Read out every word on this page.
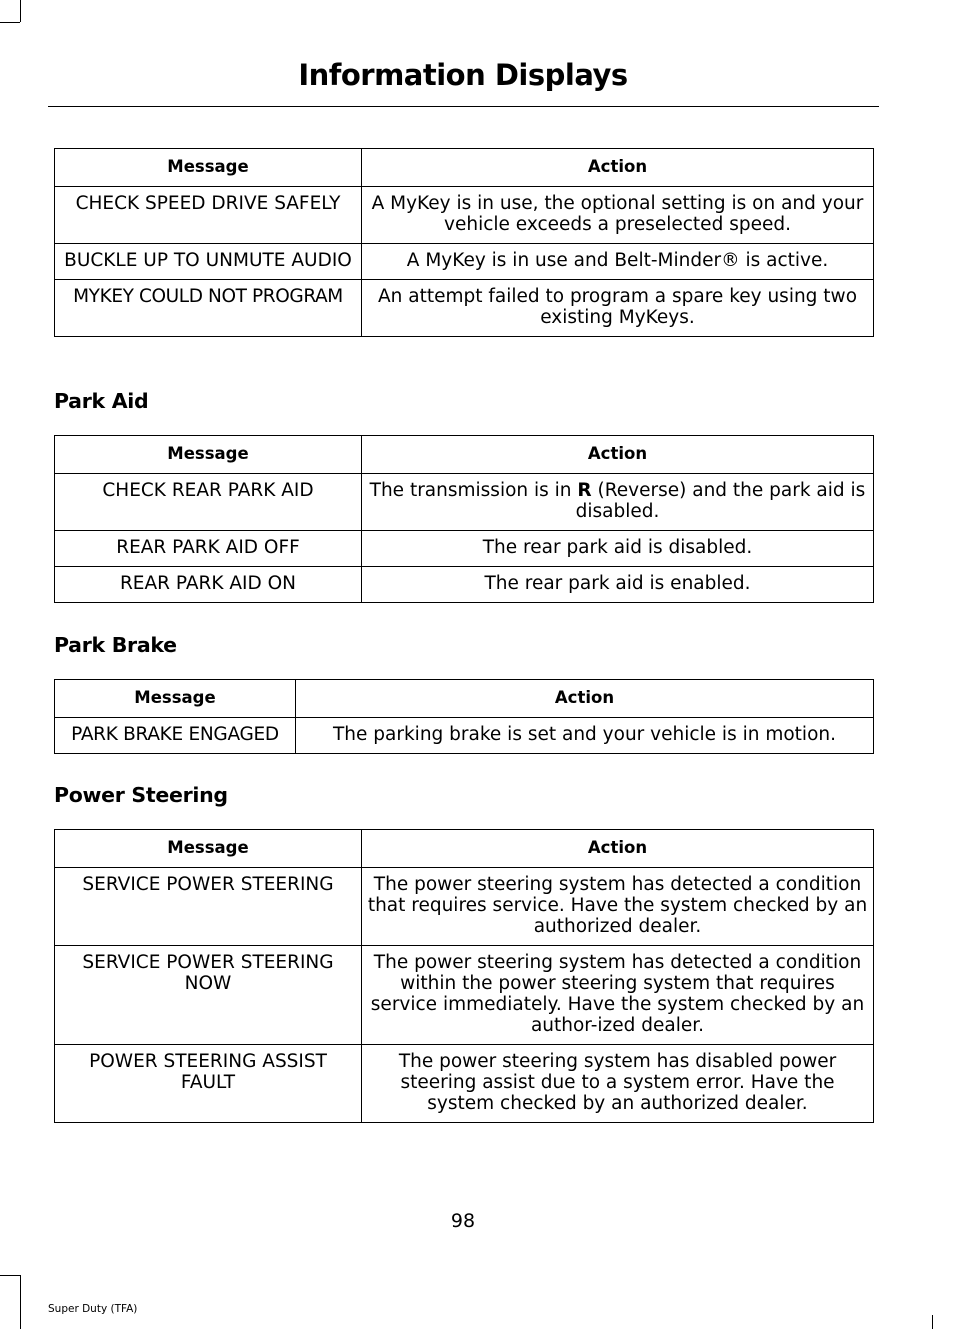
Information Displays
Message	Action
CHECK SPEED DRIVE SAFELY	A MyKey is in use, the optional setting is on and your vehicle exceeds a preselected speed.
BUCKLE UP TO UNMUTE AUDIO	A MyKey is in use and Belt-Minder® is active.
MYKEY COULD NOT PROGRAM	An attempt failed to program a spare key using two existing MyKeys.
Park Aid
Message	Action
CHECK REAR PARK AID	The transmission is in R (Reverse) and the park aid is disabled.
REAR PARK AID OFF	The rear park aid is disabled.
REAR PARK AID ON	The rear park aid is enabled.
Park Brake
Message	Action
PARK BRAKE ENGAGED	The parking brake is set and your vehicle is in motion.
Power Steering
Message	Action
SERVICE POWER STEERING	The power steering system has detected a condition that requires service. Have the system checked by an authorized dealer.
SERVICE POWER STEERING NOW	The power steering system has detected a condition within the power steering system that requires service immediately. Have the system checked by an author-ized dealer.
POWER STEERING ASSIST FAULT	The power steering system has disabled power steering assist due to a system error. Have the system checked by an authorized dealer.
98
Super Duty (TFA)
